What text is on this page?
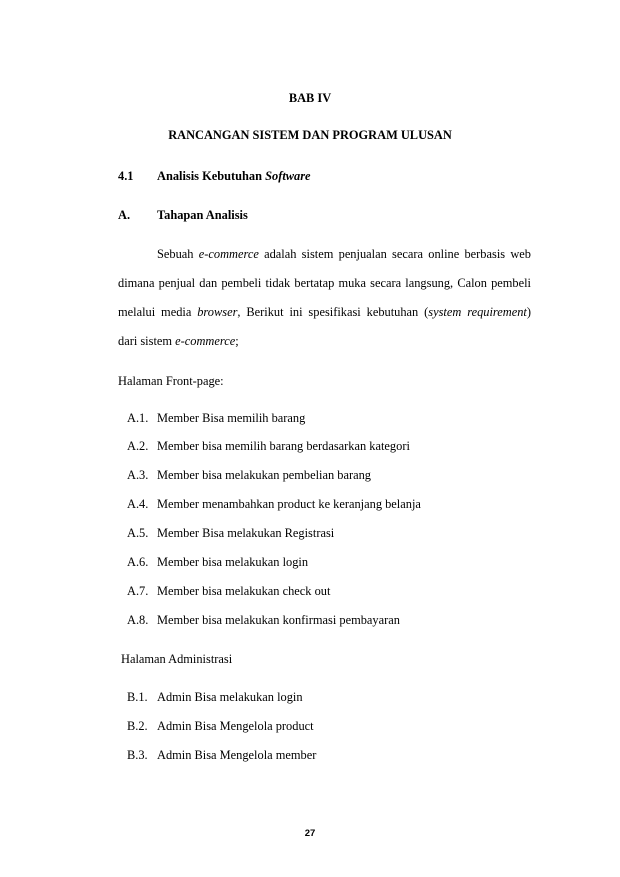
BAB IV
RANCANGAN SISTEM DAN PROGRAM ULUSAN
4.1 Analisis Kebutuhan Software
A. Tahapan Analisis
Sebuah e-commerce adalah sistem penjualan secara online berbasis web
dimana penjual dan pembeli tidak bertatap muka secara langsung, Calon pembeli
melalui media browser, Berikut ini spesifikasi kebutuhan (system requirement)
dari sistem e-commerce;
Halaman Front-page:
A.1. Member Bisa memilih barang
A.2. Member bisa memilih barang berdasarkan kategori
A.3. Member bisa melakukan pembelian barang
A.4. Member menambahkan product ke keranjang belanja
A.5. Member Bisa melakukan Registrasi
A.6. Member bisa melakukan login
A.7. Member bisa melakukan check out
A.8. Member bisa melakukan konfirmasi pembayaran
Halaman Administrasi
B.1. Admin Bisa melakukan login
B.2. Admin Bisa Mengelola product
B.3. Admin Bisa Mengelola member
27
